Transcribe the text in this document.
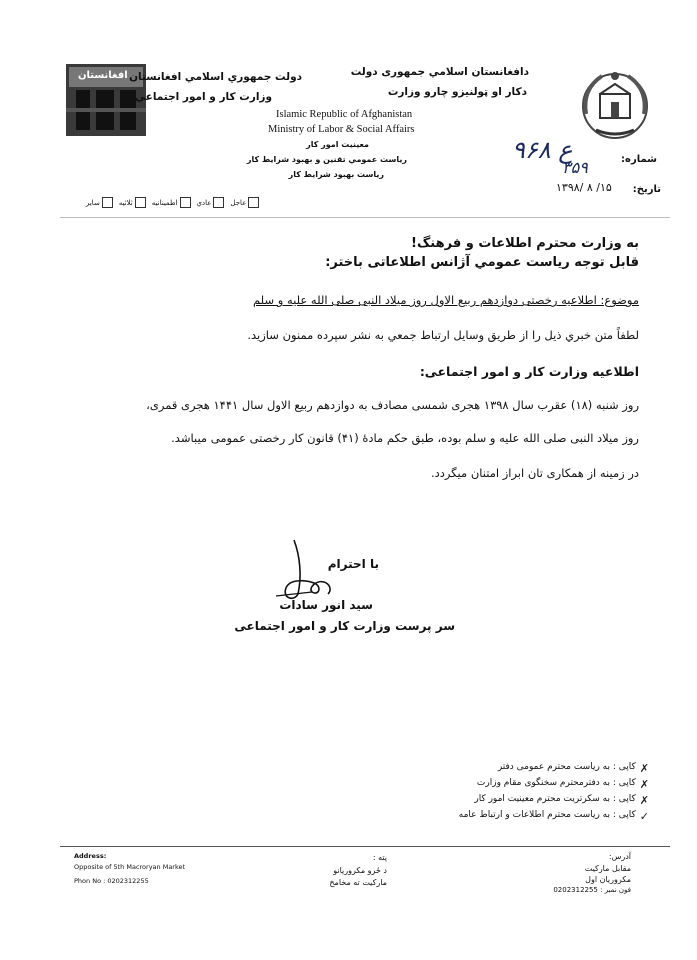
افغانستان دولت جمهوري اسلامي افغانستان
وزارت کار و امور اجتماعي
دافغانستان اسلامي جمهوری دولت
دکار او ټولنيزو چارو وزارت
Islamic Republic of Afghanistan
Ministry of Labor & Social Affairs
معينيت امور کار
رياست عمومي تقنين و بهبود شرايط کار
رياست بهبود شرايط کار
شماره:
ع ۹۶۸
۳۵۹
تاريخ:
۱۳۹۸/ ۸ /۱۵
عاجل
عادي
اطمينانيه
ثلاثيه
سایر
به وزارت محترم اطلاعات و فرهنگ!
قابل توجه رياست عمومي آژانس اطلاعاتی باختر:
موضوع: اطلاعیه رخصتی دوازدهم ربیع الاول روز میلاد النبی صلی الله علیه و سلم
لطفاً متن خبري ذيل را از طريق وسايل ارتباط جمعي به نشر سپرده ممنون سازيد.
اطلاعيه وزارت کار و امور اجتماعی:
روز شنبه (۱۸) عقرب سال ۱۳۹۸ هجری شمسی مصادف به دوازدهم ربیع الاول سال ۱۴۴۱ هجری قمری،
روز میلاد النبی صلی الله علیه و سلم بوده، طبق حکم مادهٔ (۴۱) قانون کار رخصتی عمومی میباشد.
در زمینه از همکاری تان ابراز امتنان میگردد.
با احترام
سید انور سادات
سر پرست وزارت کار و امور اجتماعی
کاپی : به ریاست محترم عمومی دفتر ✗
کاپی : به دفترمحترم سخنگوی مقام وزارت ✗
کاپی : به سکرتریت محترم معینیت امور کار ✗
کاپی : به ریاست محترم اطلاعات و ارتباط عامه ✓
Address:
Opposite of 5th Macroryan Market
Phon No : 0202312255
پته :
د ځرو مکروریانو
مارکیت ته مخامخ
آدرس:
مقابل مارکیت
مکروریان اول
فون نمبر : 0202312255
